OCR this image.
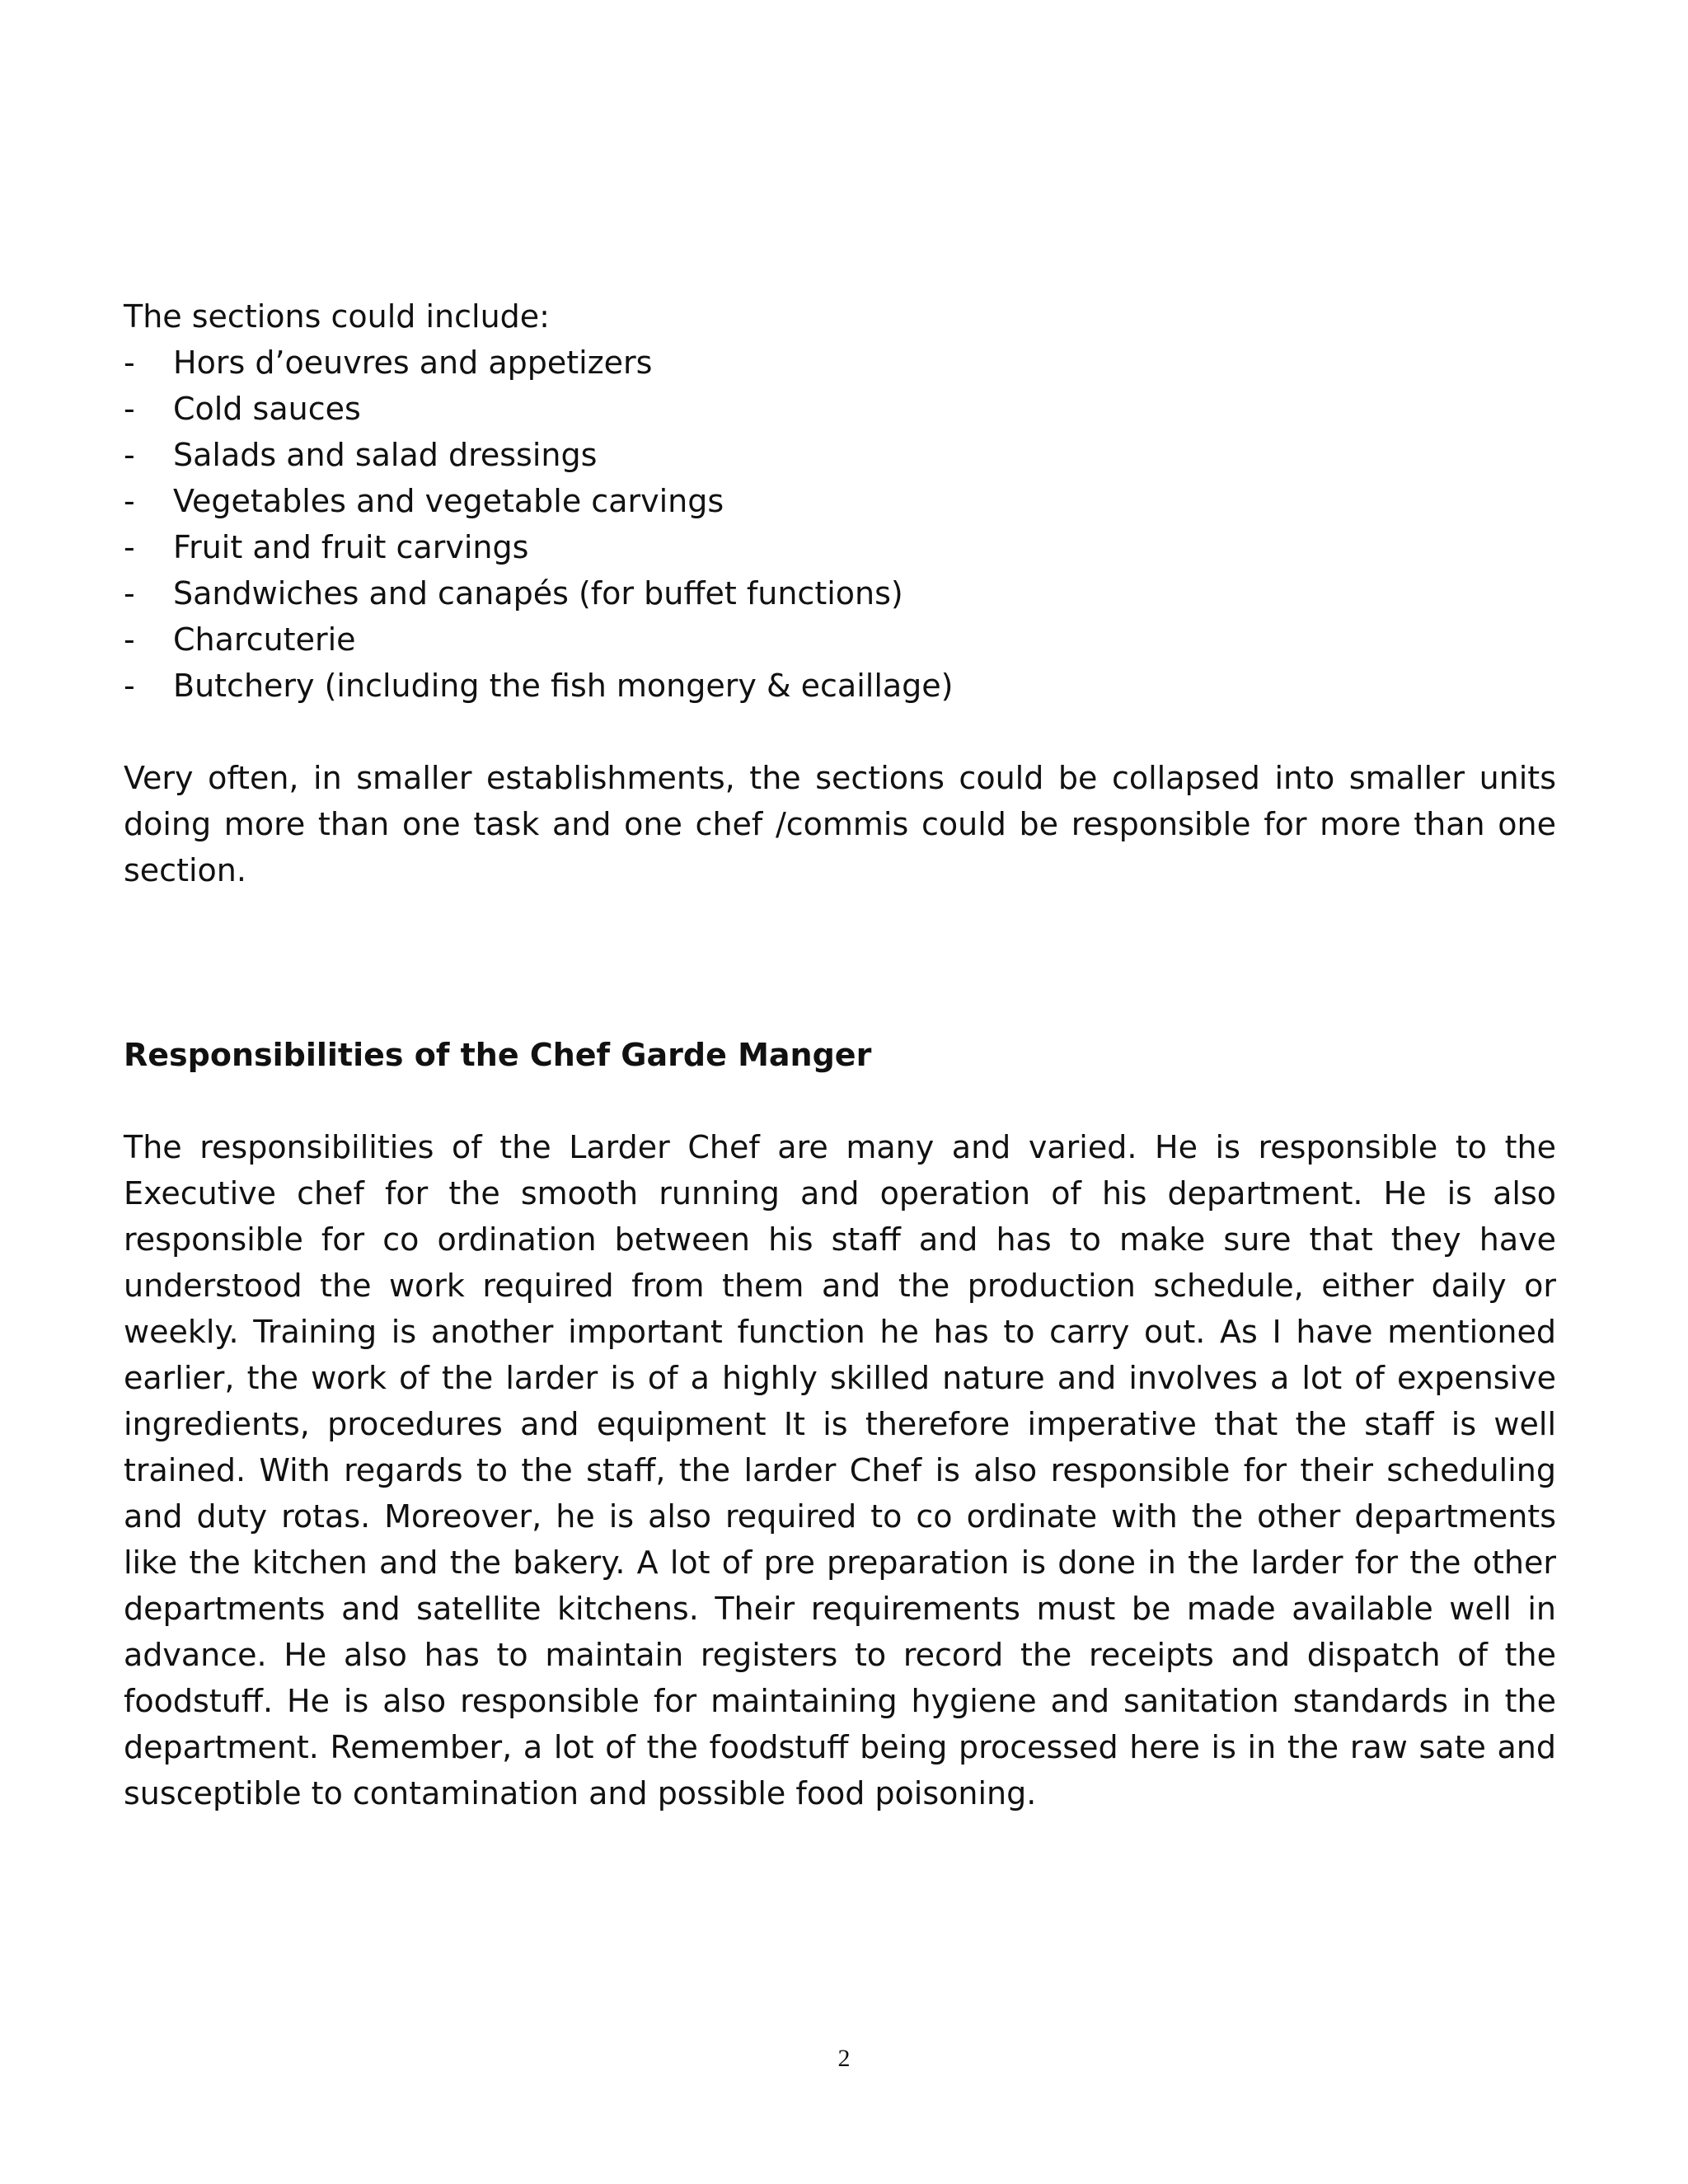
The sections could include:

-	Hors d’oeuvres and appetizers
-	Cold sauces
-	Salads and salad dressings
-	Vegetables and vegetable carvings
-	Fruit and fruit carvings
-	Sandwiches and canapés (for buffet functions)
-	Charcuterie
-	Butchery (including the fish mongery & ecaillage)

Very often, in smaller establishments, the sections could be collapsed into smaller units doing more than one task and one chef /commis could be responsible for more than one section.

Responsibilities of the Chef Garde Manger

The responsibilities of the Larder Chef are many and varied. He is responsible to the Executive chef for the smooth running and operation of his department. He is also responsible for co ordination between his staff and has to make sure that they have understood the work required from them and the production schedule, either daily or weekly. Training is another important function he has to carry out. As I have mentioned earlier, the work of the larder is of a highly skilled nature and involves a lot of expensive ingredients, procedures and equipment It is therefore imperative that the staff is well trained. With regards to the staff, the larder Chef is also responsible for their scheduling and duty rotas. Moreover, he is also required to co ordinate with the other departments like the kitchen and the bakery. A lot of pre preparation is done in the larder for the other departments and satellite kitchens. Their requirements must be made available well in advance. He also has to maintain registers to record the receipts and dispatch of the foodstuff. He is also responsible for maintaining hygiene and sanitation standards in the department. Remember, a lot of the foodstuff being processed here is in the raw sate and susceptible to contamination and possible food poisoning.

2
